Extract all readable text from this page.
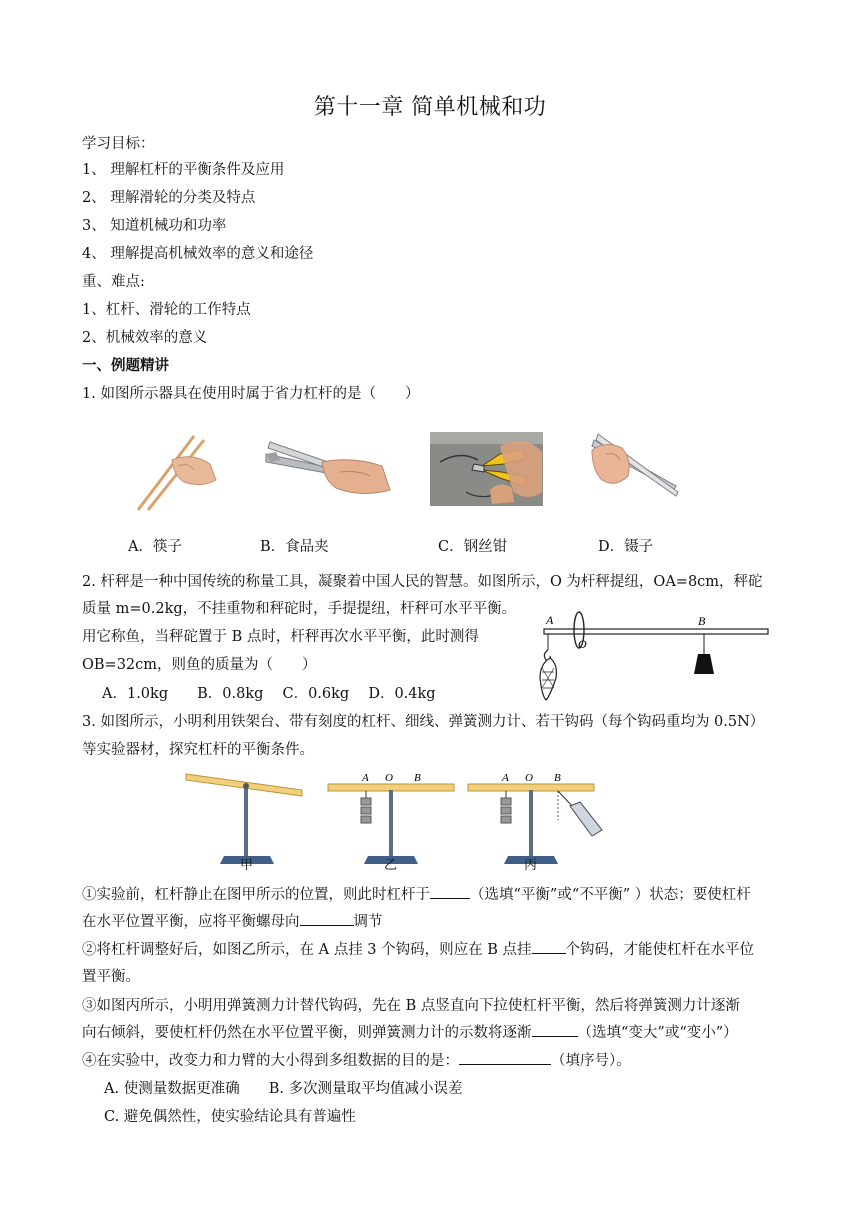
第十一章 简单机械和功
学习目标：
1、 理解杠杆的平衡条件及应用
2、 理解滑轮的分类及特点
3、 知道机械功和功率
4、 理解提高机械效率的意义和途径
重、难点:
1、杠杆、滑轮的工作特点
2、机械效率的意义
一、例题精讲
1. 如图所示器具在使用时属于省力杠杆的是（　　）
A．筷子	B．食品夹	C．钢丝钳	D．镊子
2. 杆秤是一种中国传统的称量工具，凝聚着中国人民的智慧。如图所示，O 为杆秤提纽，OA=8cm，秤砣
质量 m=0.2kg，不挂重物和秤砣时，手提提纽，杆秤可水平平衡。
用它称鱼，当秤砣置于 B 点时，杆秤再次水平平衡，此时测得
OB=32cm，则鱼的质量为（　　）
A．1.0kg　　B．0.8kg　 C．0.6kg　 D．0.4kg
A
O
B
3. 如图所示，小明利用铁架台、带有刻度的杠杆、细线、弹簧测力计、若干钩码（每个钩码重均为 0.5N）
等实验器材，探究杠杆的平衡条件。
甲
A O B
乙
A O B
丙
①实验前，杠杆静止在图甲所示的位置，则此时杠杆于	（选填“平衡”或“不平衡” ）状态；要使杠杆
在水平位置平衡，应将平衡螺母向	调节
②将杠杆调整好后，如图乙所示，在 A 点挂 3 个钩码，则应在 B 点挂 个钩码，才能使杠杆在水平位
置平衡。
③如图丙所示，小明用弹簧测力计替代钩码，先在 B 点竖直向下拉使杠杆平衡，然后将弹簧测力计逐渐
向右倾斜，要使杠杆仍然在水平位置平衡，则弹簧测力计的示数将逐渐	（选填“变大”或“变小”）
④在实验中，改变力和力臂的大小得到多组数据的目的是：	（填序号）。
A. 使测量数据更准确　　B. 多次测量取平均值减小误差
C. 避免偶然性，使实验结论具有普遍性
